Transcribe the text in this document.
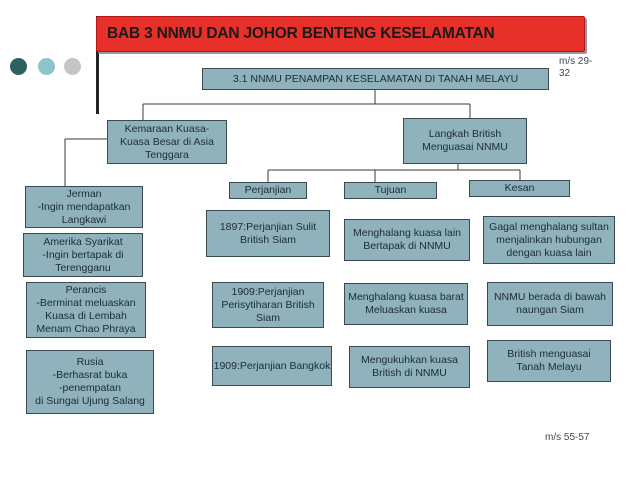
BAB 3 NNMU DAN JOHOR BENTENG KESELAMATAN
m/s 29-
32
m/s 55-57
3.1 NNMU PENAMPAN KESELAMATAN DI TANAH MELAYU
Kemaraan Kuasa-Kuasa Besar di Asia Tenggara
Langkah British Menguasai NNMU
Jerman
-Ingin mendapatkan
Langkawi
Amerika Syarikat
-Ingin bertapak di
Terengganu
Perancis
-Berminat meluaskan
Kuasa di Lembah
Menam Chao Phraya
Rusia
-Berhasrat buka
-penempatan
di Sungai Ujung Salang
Perjanjian	Tujuan	Kesan
1897:Perjanjian Sulit
British Siam
1909:Perjanjian
Perisytiharan British
Siam
1909:Perjanjian Bangkok
Menghalang kuasa lain
Bertapak di NNMU
Menghalang kuasa barat
Meluaskan kuasa
Mengukuhkan kuasa
British di NNMU
Gagal menghalang sultan
menjalinkan hubungan
dengan kuasa lain
NNMU berada di bawah
naungan Siam
British menguasai
Tanah Melayu
